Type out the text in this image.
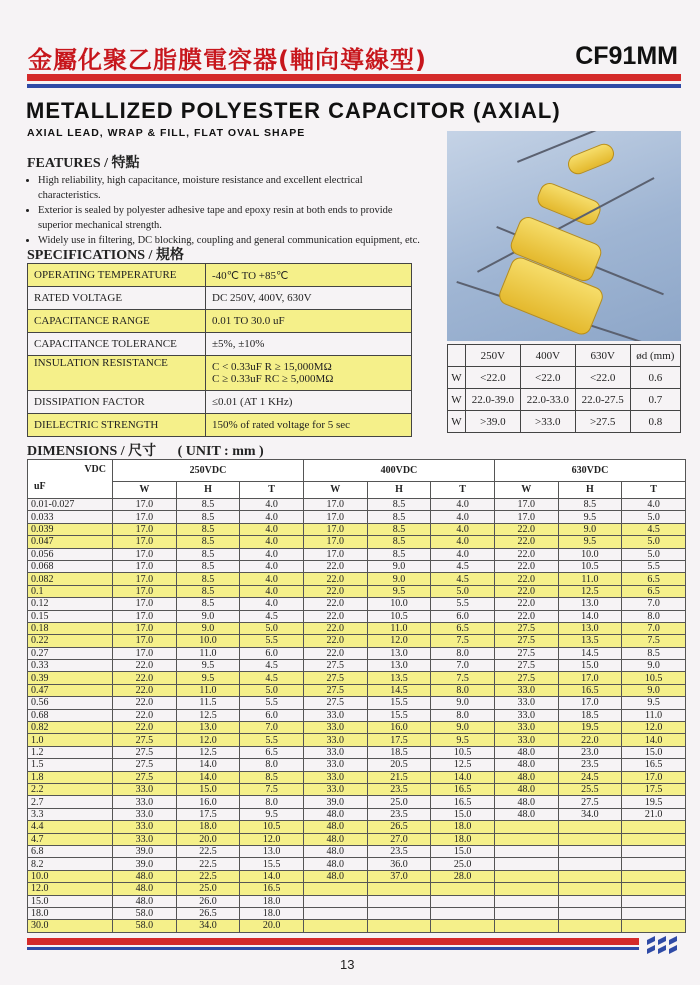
金屬化聚乙脂膜電容器(軸向導線型)	CF91MM
METALLIZED POLYESTER CAPACITOR (AXIAL)
AXIAL LEAD, WRAP & FILL, FLAT OVAL SHAPE
FEATURES / 特點
• High reliability, high capacitance, moisture resistance and excellent electrical characteristics.
• Exterior is sealed by polyester adhesive tape and epoxy resin at both ends to provide superior mechanical strength.
• Widely use in filtering, DC blocking, coupling and general communication equipment, etc.
SPECIFICATIONS / 規格
OPERATING TEMPERATURE	-40℃ TO +85℃
RATED VOLTAGE	DC 250V, 400V, 630V
CAPACITANCE RANGE	0.01 TO 30.0 uF
CAPACITANCE TOLERANCE	±5%, ±10%
INSULATION RESISTANCE	C < 0.33uF R ≥ 15,000MΩ
C ≥ 0.33uF RC ≥ 5,000MΩ

DISSIPATION FACTOR	≤0.01 (AT 1 KHz)
DIELECTRIC STRENGTH	150% of rated voltage for 5 sec
	250V	400V	630V	ød (mm)
W	<22.0	<22.0	<22.0	0.6
W	22.0-39.0	22.0-33.0	22.0-27.5	0.7
W	>39.0	>33.0	>27.5	0.8
DIMENSIONS / 尺寸 ( UNIT : mm )
VDC
uF	250VDC			400VDC			630VDC		
	W	H	T	W	H	T	W	H	T
0.01-0.027	17.0	8.5	4.0	17.0	8.5	4.0	17.0	8.5	4.0
0.033	17.0	8.5	4.0	17.0	8.5	4.0	17.0	9.5	5.0
0.039	17.0	8.5	4.0	17.0	8.5	4.0	22.0	9.0	4.5
0.047	17.0	8.5	4.0	17.0	8.5	4.0	22.0	9.5	5.0
0.056	17.0	8.5	4.0	17.0	8.5	4.0	22.0	10.0	5.0
0.068	17.0	8.5	4.0	22.0	9.0	4.5	22.0	10.5	5.5
0.082	17.0	8.5	4.0	22.0	9.0	4.5	22.0	11.0	6.5
0.1	17.0	8.5	4.0	22.0	9.5	5.0	22.0	12.5	6.5
0.12	17.0	8.5	4.0	22.0	10.0	5.5	22.0	13.0	7.0
0.15	17.0	9.0	4.5	22.0	10.5	6.0	22.0	14.0	8.0
0.18	17.0	9.0	5.0	22.0	11.0	6.5	27.5	13.0	7.0
0.22	17.0	10.0	5.5	22.0	12.0	7.5	27.5	13.5	7.5
0.27	17.0	11.0	6.0	22.0	13.0	8.0	27.5	14.5	8.5
0.33	22.0	9.5	4.5	27.5	13.0	7.0	27.5	15.0	9.0
0.39	22.0	9.5	4.5	27.5	13.5	7.5	27.5	17.0	10.5
0.47	22.0	11.0	5.0	27.5	14.5	8.0	33.0	16.5	9.0
0.56	22.0	11.5	5.5	27.5	15.5	9.0	33.0	17.0	9.5
0.68	22.0	12.5	6.0	33.0	15.5	8.0	33.0	18.5	11.0
0.82	22.0	13.0	7.0	33.0	16.0	9.0	33.0	19.5	12.0
1.0	27.5	12.0	5.5	33.0	17.5	9.5	33.0	22.0	14.0
1.2	27.5	12.5	6.5	33.0	18.5	10.5	48.0	23.0	15.0
1.5	27.5	14.0	8.0	33.0	20.5	12.5	48.0	23.5	16.5
1.8	27.5	14.0	8.5	33.0	21.5	14.0	48.0	24.5	17.0
2.2	33.0	15.0	7.5	33.0	23.5	16.5	48.0	25.5	17.5
2.7	33.0	16.0	8.0	39.0	25.0	16.5	48.0	27.5	19.5
3.3	33.0	17.5	9.5	48.0	23.5	15.0	48.0	34.0	21.0
4.4	33.0	18.0	10.5	48.0	26.5	18.0			
4.7	33.0	20.0	12.0	48.0	27.0	18.0			
6.8	39.0	22.5	13.0	48.0	23.5	15.0			
8.2	39.0	22.5	15.5	48.0	36.0	25.0			
10.0	48.0	22.5	14.0	48.0	37.0	28.0			
12.0	48.0	25.0	16.5						
15.0	48.0	26.0	18.0						
18.0	58.0	26.5	18.0						
30.0	58.0	34.0	20.0						
13
